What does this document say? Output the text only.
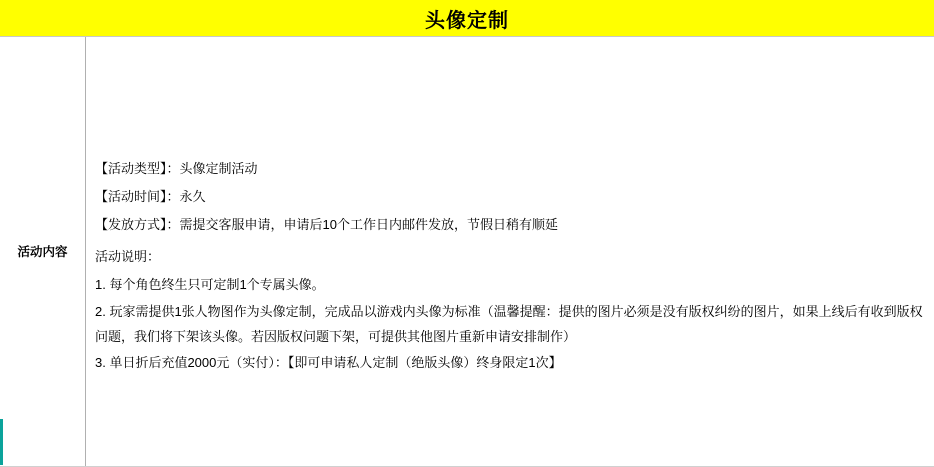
头像定制
活动内容
【活动类型】：头像定制活动
【活动时间】：永久
【发放方式】：需提交客服申请，申请后10个工作日内邮件发放，节假日稍有顺延
活动说明：
1. 每个角色终生只可定制1个专属头像。
2. 玩家需提供1张人物图作为头像定制，完成品以游戏内头像为标准（温馨提醒：提供的图片必须是没有版权纠纷的图片，如果上线后有收到版权问题，我们将下架该头像。若因版权问题下架，可提供其他图片重新申请安排制作）
3. 单日折后充值2000元（实付）：【即可申请私人定制（绝版头像）终身限定1次】
